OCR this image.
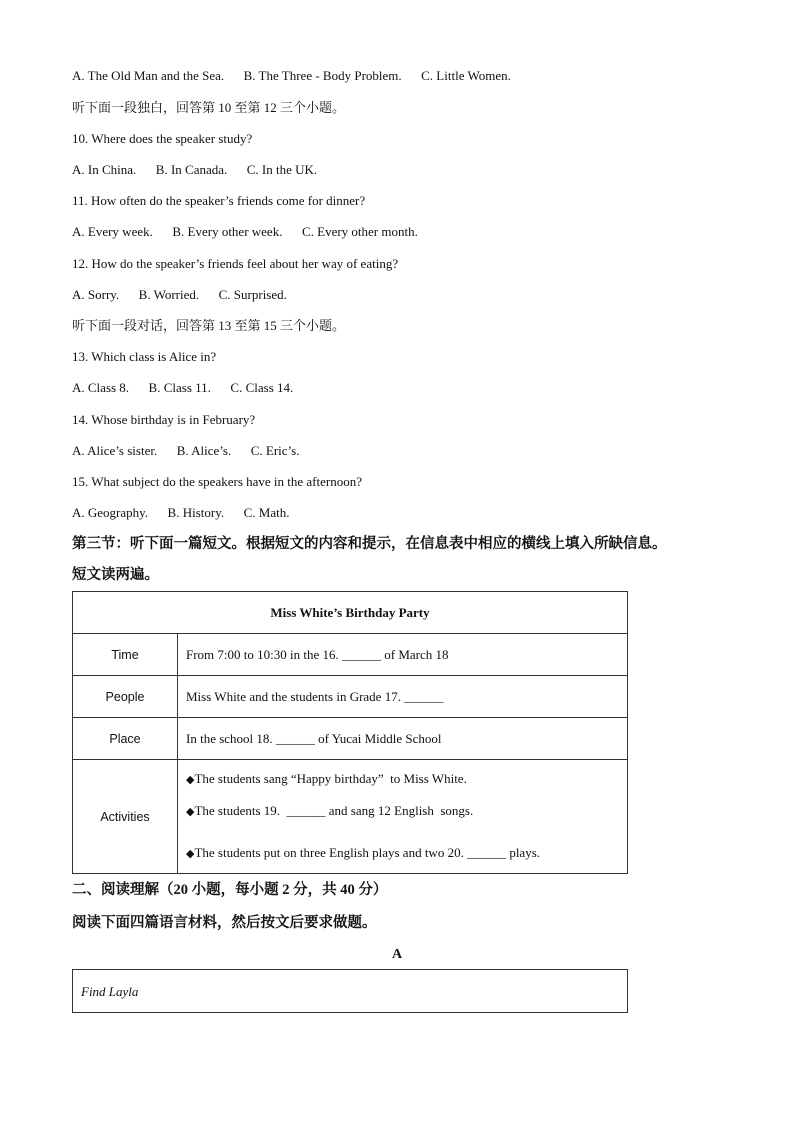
A. The Old Man and the Sea.      B. The Three - Body Problem.      C. Little Women.
听下面一段独白，回答第 10 至第 12 三个小题。
10. Where does the speaker study?
A. In China.      B. In Canada.      C. In the UK.
11. How often do the speaker’s friends come for dinner?
A. Every week.      B. Every other week.      C. Every other month.
12. How do the speaker’s friends feel about her way of eating?
A. Sorry.      B. Worried.      C. Surprised.
听下面一段对话，回答第 13 至第 15 三个小题。
13. Which class is Alice in?
A. Class 8.      B. Class 11.      C. Class 14.
14. Whose birthday is in February?
A. Alice’s sister.      B. Alice’s.      C. Eric’s.
15. What subject do the speakers have in the afternoon?
A. Geography.      B. History.      C. Math.
第三节：听下面一篇短文。根据短文的内容和提示，在信息表中相应的横线上填入所缺信息。
短文读两遍。
Miss White’s Birthday Party	
Time	From 7:00 to 10:30 in the 16. ______ of March 18
People	Miss White and the students in Grade 17. ______
Place	In the school 18. ______ of Yucai Middle School
Activities	◆The students sang “Happy birthday”  to Miss White.

◆The students 19.  ______ and sang 12 English  songs.

◆The students put on three English plays and two 20. ______ plays.

二、阅读理解（20 小题，每小题 2 分，共 40 分）
阅读下面四篇语言材料，然后按文后要求做题。
A
Find Layla
